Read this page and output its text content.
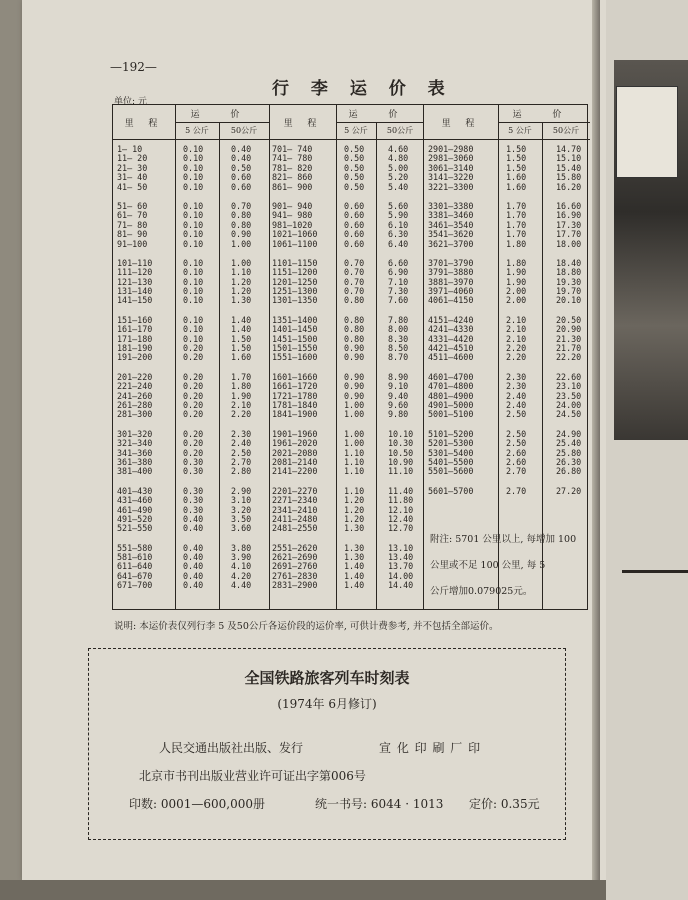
—192—
行 李 运 价 表
单位: 元
里 程
运 价
5 公斤	50公斤
1— 10	0.10	0.40
11— 20	0.10	0.40
21— 30	0.10	0.50
31— 40	0.10	0.60
41— 50	0.10	0.60
51— 60	0.10	0.70
61— 70	0.10	0.80
71— 80	0.10	0.80
81— 90	0.10	0.90
91—100	0.10	1.00
101—110	0.10	1.00
111—120	0.10	1.10
121—130	0.10	1.20
131—140	0.10	1.20
141—150	0.10	1.30
151—160	0.10	1.40
161—170	0.10	1.40
171—180	0.10	1.50
181—190	0.20	1.50
191—200	0.20	1.60
201—220	0.20	1.70
221—240	0.20	1.80
241—260	0.20	1.90
261—280	0.20	2.10
281—300	0.20	2.20
301—320	0.20	2.30
321—340	0.20	2.40
341—360	0.20	2.50
361—380	0.30	2.70
381—400	0.30	2.80
401—430	0.30	2.90
431—460	0.30	3.10
461—490	0.30	3.20
491—520	0.40	3.50
521—550	0.40	3.60
551—580	0.40	3.80
581—610	0.40	3.90
611—640	0.40	4.10
641—670	0.40	4.20
671—700	0.40	4.40
里 程
运 价
5 公斤	50公斤
701— 740	0.50	4.60
741— 780	0.50	4.80
781— 820	0.50	5.00
821— 860	0.50	5.20
861— 900	0.50	5.40
901— 940	0.60	5.60
941— 980	0.60	5.90
981—1020	0.60	6.10
1021—1060	0.60	6.30
1061—1100	0.60	6.40
1101—1150	0.70	6.60
1151—1200	0.70	6.90
1201—1250	0.70	7.10
1251—1300	0.70	7.30
1301—1350	0.80	7.60
1351—1400	0.80	7.80
1401—1450	0.80	8.00
1451—1500	0.80	8.30
1501—1550	0.90	8.50
1551—1600	0.90	8.70
1601—1660	0.90	8.90
1661—1720	0.90	9.10
1721—1780	0.90	9.40
1781—1840	1.00	9.60
1841—1900	1.00	9.80
1901—1960	1.00	10.10
1961—2020	1.00	10.30
2021—2080	1.10	10.50
2081—2140	1.10	10.90
2141—2200	1.10	11.10
2201—2270	1.10	11.40
2271—2340	1.20	11.80
2341—2410	1.20	12.10
2411—2480	1.20	12.40
2481—2550	1.30	12.70
2551—2620	1.30	13.10
2621—2690	1.30	13.40
2691—2760	1.40	13.70
2761—2830	1.40	14.00
2831—2900	1.40	14.40
里 程
运 价
5 公斤	50公斤
2901—2980	1.50	14.70
2981—3060	1.50	15.10
3061—3140	1.50	15.40
3141—3220	1.60	15.80
3221—3300	1.60	16.20
3301—3380	1.70	16.60
3381—3460	1.70	16.90
3461—3540	1.70	17.30
3541—3620	1.70	17.70
3621—3700	1.80	18.00
3701—3790	1.80	18.40
3791—3880	1.90	18.80
3881—3970	1.90	19.30
3971—4060	2.00	19.70
4061—4150	2.00	20.10
4151—4240	2.10	20.50
4241—4330	2.10	20.90
4331—4420	2.10	21.30
4421—4510	2.20	21.70
4511—4600	2.20	22.20
4601—4700	2.30	22.60
4701—4800	2.30	23.10
4801—4900	2.40	23.50
4901—5000	2.40	24.00
5001—5100	2.50	24.50
5101—5200	2.50	24.90
5201—5300	2.50	25.40
5301—5400	2.60	25.80
5401—5500	2.60	26.30
5501—5600	2.70	26.80
5601—5700	2.70	27.20
附注: 5701 公里以上, 每增加 100
公里或不足 100 公里, 每 5
公斤增加0.079025元。
说明: 本运价表仅列行李 5 及50公斤各运价段的运价率, 可供计费参考, 并不包括全部运价。
全国铁路旅客列车时刻表
(1974年 6月修订)
人民交通出版社出版、发行	宣 化 印 刷 厂 印
北京市书刊出版业营业许可证出字第006号
印数: 0001—600,000册	统一书号: 6044 · 1013 定价: 0.35元
